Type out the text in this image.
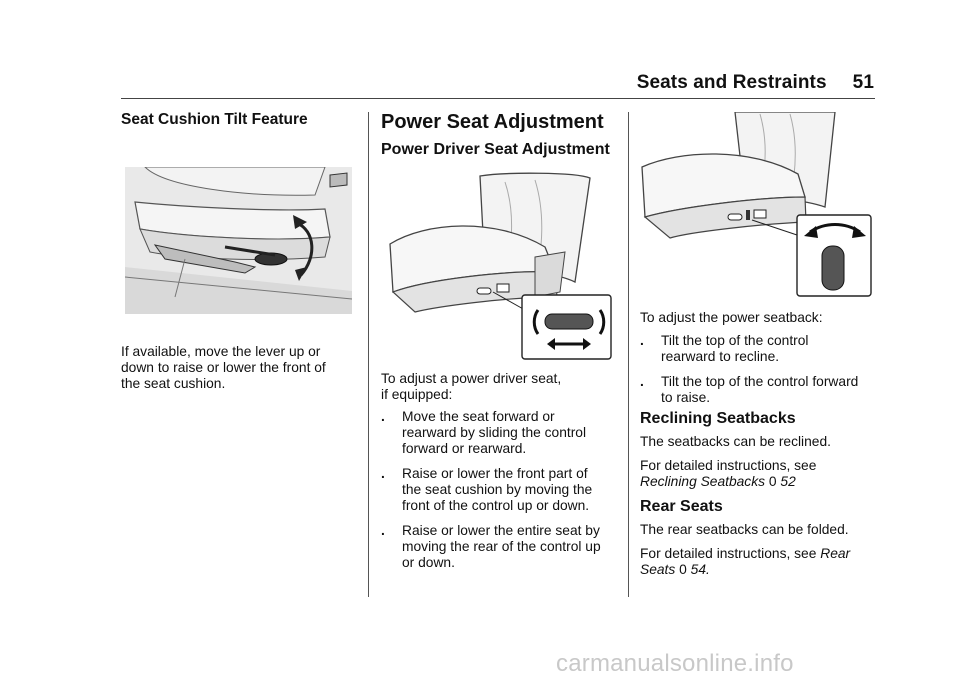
Seats and Restraints 51
Seat Cushion Tilt Feature
If available, move the lever up or
down to raise or lower the front of
the seat cushion.
Power Seat Adjustment
Power Driver Seat Adjustment
To adjust a power driver seat,
if equipped:
.	Move the seat forward or
rearward by sliding the control
forward or rearward.
.	Raise or lower the front part of
the seat cushion by moving the
front of the control up or down.
.	Raise or lower the entire seat by
moving the rear of the control up
or down.
To adjust the power seatback:
.	Tilt the top of the control
rearward to recline.
.	Tilt the top of the control forward
to raise.
Reclining Seatbacks
The seatbacks can be reclined.
For detailed instructions, see
Reclining Seatbacks 0 52
Rear Seats
The rear seatbacks can be folded.
For detailed instructions, see Rear
Seats 0 54.
carmanualsonline.info
